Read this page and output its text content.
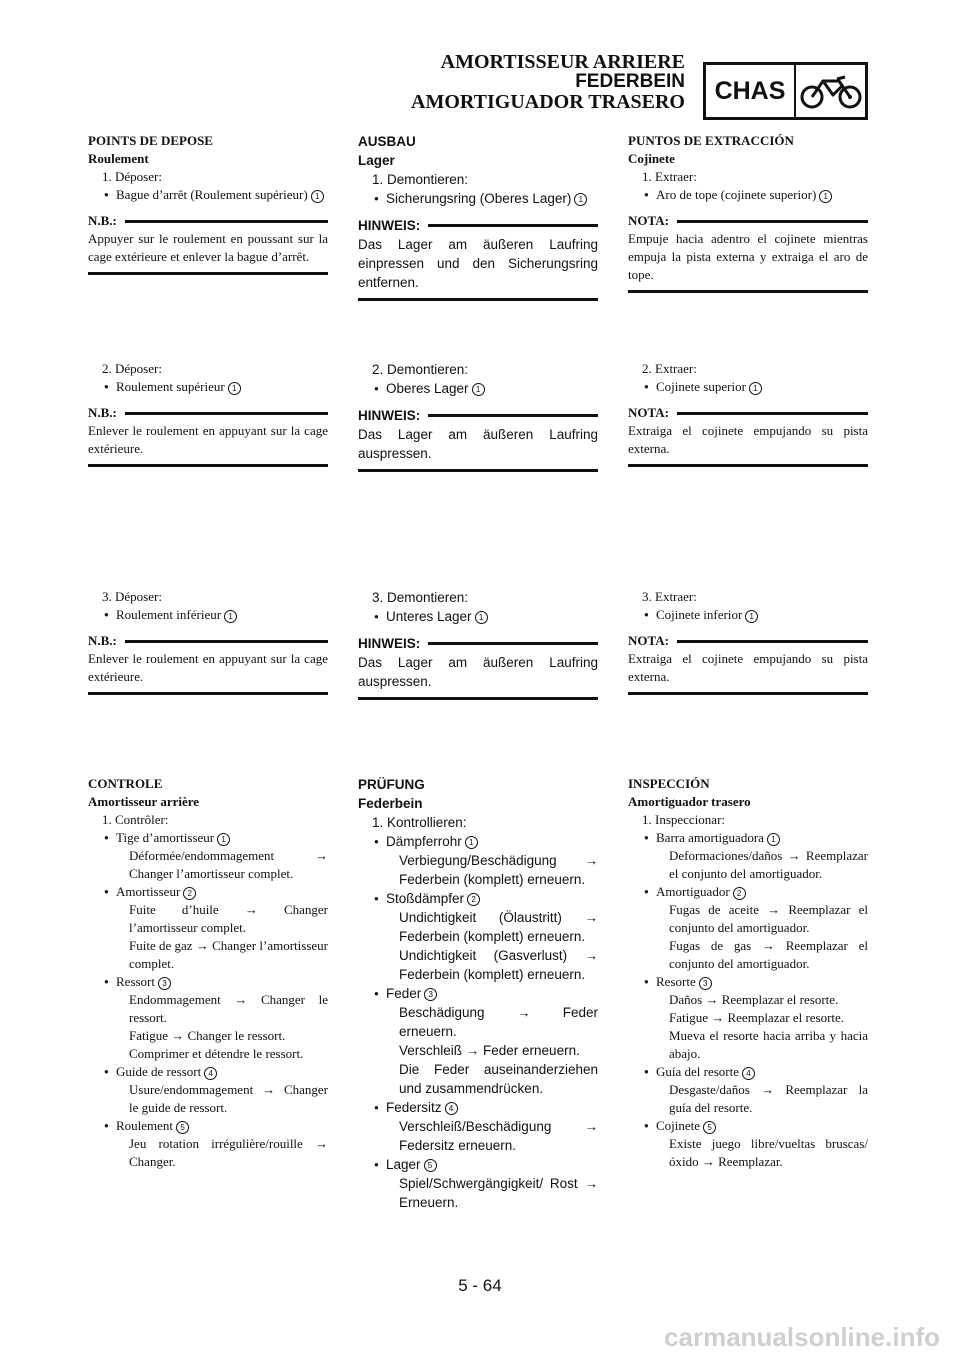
AMORTISSEUR ARRIERE
FEDERBEIN
AMORTIGUADOR TRASERO	CHAS
POINTS DE DEPOSE
Roulement
1. Déposer:
● Bague d’arrêt (Roulement supérieur) 1
N.B.:
Appuyer sur le roulement en poussant sur la cage extérieure et enlever la bague d’arrêt.
2. Déposer:
● Roulement supérieur 1
N.B.:
Enlever le roulement en appuyant sur la cage extérieure.
3. Déposer:
● Roulement inférieur 1
N.B.:
Enlever le roulement en appuyant sur la cage extérieure.
CONTROLE
Amortisseur arrière
1. Contrôler:
● Tige d’amortisseur 1
Déformée/endommagement → Changer l’amortisseur complet.
● Amortisseur 2
Fuite d’huile → Changer l’amortisseur complet.
Fuite de gaz → Changer l’amortisseur complet.
● Ressort 3
Endommagement → Changer le ressort.
Fatigue → Changer le ressort.
Comprimer et détendre le ressort.
● Guide de ressort 4
Usure/endommagement → Changer le guide de ressort.
● Roulement 5
Jeu rotation irrégulière/rouille → Changer.
AUSBAU
Lager
1. Demontieren:
● Sicherungsring (Oberes Lager) 1
HINWEIS:
Das Lager am äußeren Laufring einpressen und den Sicherungsring entfernen.
2. Demontieren:
● Oberes Lager 1
HINWEIS:
Das Lager am äußeren Laufring auspressen.
3. Demontieren:
● Unteres Lager 1
HINWEIS:
Das Lager am äußeren Laufring auspressen.
PRÜFUNG
Federbein
1. Kontrollieren:
● Dämpferrohr 1
Verbiegung/Beschädigung → Federbein (komplett) erneuern.
● Stoßdämpfer 2
Undichtigkeit (Ölaustritt) → Federbein (komplett) erneuern.
Undichtigkeit (Gasverlust) → Federbein (komplett) erneuern.
● Feder 3
Beschädigung → Feder erneuern.
Verschleiß → Feder erneuern.
Die Feder auseinanderziehen und zusammendrücken.
● Federsitz 4
Verschleiß/Beschädigung → Federsitz erneuern.
● Lager 5
Spiel/Schwergängigkeit/ Rost → Erneuern.
PUNTOS DE EXTRACCIÓN
Cojinete
1. Extraer:
● Aro de tope (cojinete superior) 1
NOTA:
Empuje hacia adentro el cojinete mientras empuja la pista externa y extraiga el aro de tope.
2. Extraer:
● Cojinete superior 1
NOTA:
Extraiga el cojinete empujando su pista externa.
3. Extraer:
● Cojinete inferior 1
NOTA:
Extraiga el cojinete empujando su pista externa.
INSPECCIÓN
Amortiguador trasero
1. Inspeccionar:
● Barra amortiguadora 1
Deformaciones/daños → Reemplazar el conjunto del amortiguador.
● Amortiguador 2
Fugas de aceite → Reemplazar el conjunto del amortiguador.
Fugas de gas → Reemplazar el conjunto del amortiguador.
● Resorte 3
Daños → Reemplazar el resorte.
Fatigue → Reemplazar el resorte.
Mueva el resorte hacia arriba y hacia abajo.
● Guía del resorte 4
Desgaste/daños → Reemplazar la guía del resorte.
● Cojinete 5
Existe juego libre/vueltas bruscas/óxido → Reemplazar.
5 - 64
carmanualsonline.info
